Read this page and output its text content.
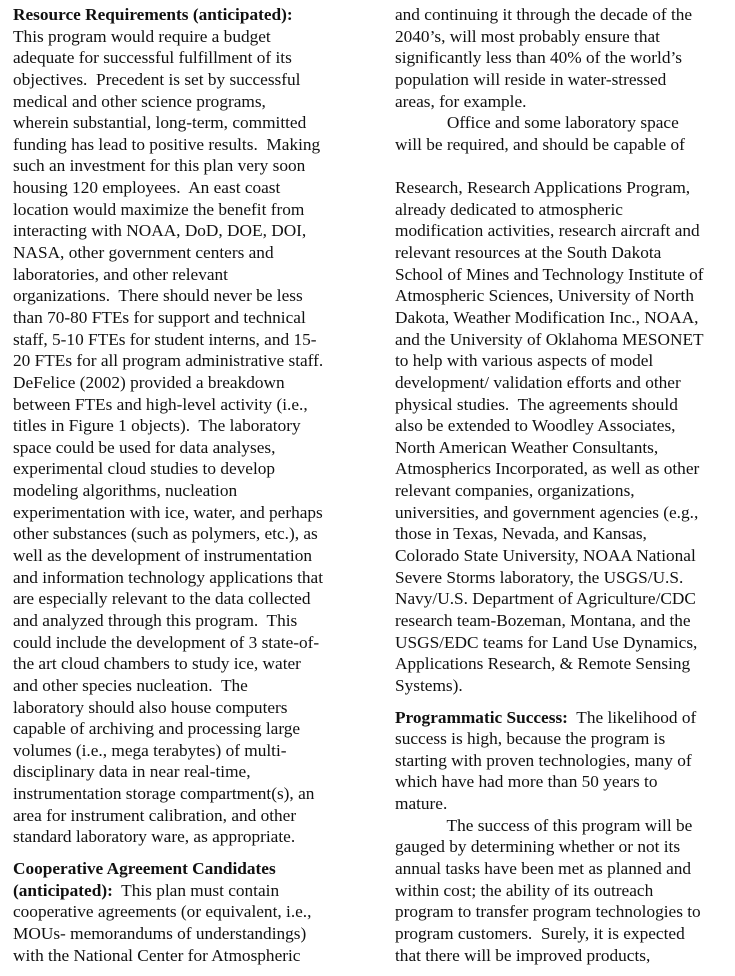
Resource Requirements (anticipated):
This program would require a budget
adequate for successful fulfillment of its
objectives.  Precedent is set by successful
medical and other science programs,
wherein substantial, long-term, committed
funding has lead to positive results.  Making
such an investment for this plan very soon
housing 120 employees.  An east coast
location would maximize the benefit from
interacting with NOAA, DoD, DOE, DOI,
NASA, other government centers and
laboratories, and other relevant
organizations.  There should never be less
than 70-80 FTEs for support and technical
staff, 5-10 FTEs for student interns, and 15-
20 FTEs for all program administrative staff.
DeFelice (2002) provided a breakdown
between FTEs and high-level activity (i.e.,
titles in Figure 1 objects).  The laboratory
space could be used for data analyses,
experimental cloud studies to develop
modeling algorithms, nucleation
experimentation with ice, water, and perhaps
other substances (such as polymers, etc.), as
well as the development of instrumentation
and information technology applications that
are especially relevant to the data collected
and analyzed through this program.  This
could include the development of 3 state-of-
the art cloud chambers to study ice, water
and other species nucleation.  The
laboratory should also house computers
capable of archiving and processing large
volumes (i.e., mega terabytes) of multi-
disciplinary data in near real-time,
instrumentation storage compartment(s), an
area for instrument calibration, and other
standard laboratory ware, as appropriate.
Cooperative Agreement Candidates
(anticipated):  This plan must contain
cooperative agreements (or equivalent, i.e.,
MOUs- memorandums of understandings)
with the National Center for Atmospheric
and continuing it through the decade of the
2040’s, will most probably ensure that
significantly less than 40% of the world’s
population will reside in water-stressed
areas, for example.
Office and some laboratory space
will be required, and should be capable of
Research, Research Applications Program,
already dedicated to atmospheric
modification activities, research aircraft and
relevant resources at the South Dakota
School of Mines and Technology Institute of
Atmospheric Sciences, University of North
Dakota, Weather Modification Inc., NOAA,
and the University of Oklahoma MESONET
to help with various aspects of model
development/ validation efforts and other
physical studies.  The agreements should
also be extended to Woodley Associates,
North American Weather Consultants,
Atmospherics Incorporated, as well as other
relevant companies, organizations,
universities, and government agencies (e.g.,
those in Texas, Nevada, and Kansas,
Colorado State University, NOAA National
Severe Storms laboratory, the USGS/U.S.
Navy/U.S. Department of Agriculture/CDC
research team-Bozeman, Montana, and the
USGS/EDC teams for Land Use Dynamics,
Applications Research, & Remote Sensing
Systems).
Programmatic Success:  The likelihood of
success is high, because the program is
starting with proven technologies, many of
which have had more than 50 years to
mature.
The success of this program will be
gauged by determining whether or not its
annual tasks have been met as planned and
within cost; the ability of its outreach
program to transfer program technologies to
program customers.  Surely, it is expected
that there will be improved products,
